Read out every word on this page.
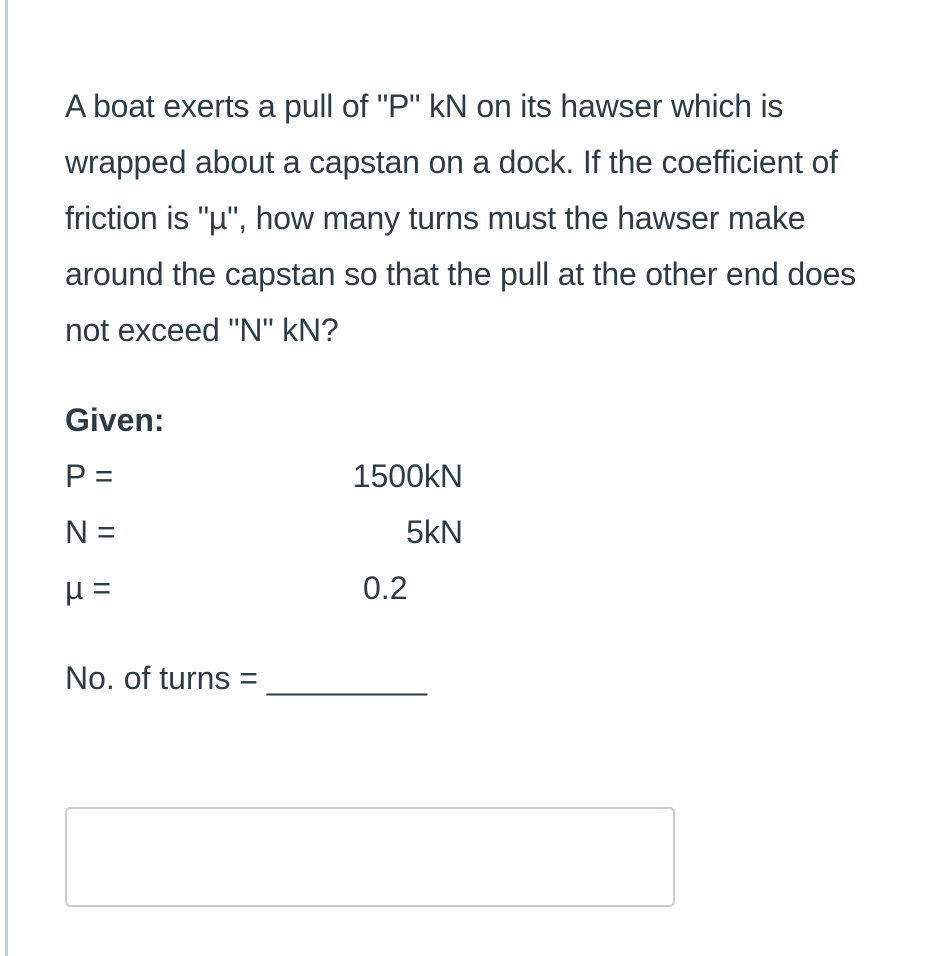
A boat exerts a pull of "P" kN on its hawser which is wrapped about a capstan on a dock. If the coefficient of friction is "µ", how many turns must the hawser make around the capstan so that the pull at the other end does not exceed "N" kN?
Given:
P =	1500kN
N =	5kN
µ =	0.2
No. of turns = _________
